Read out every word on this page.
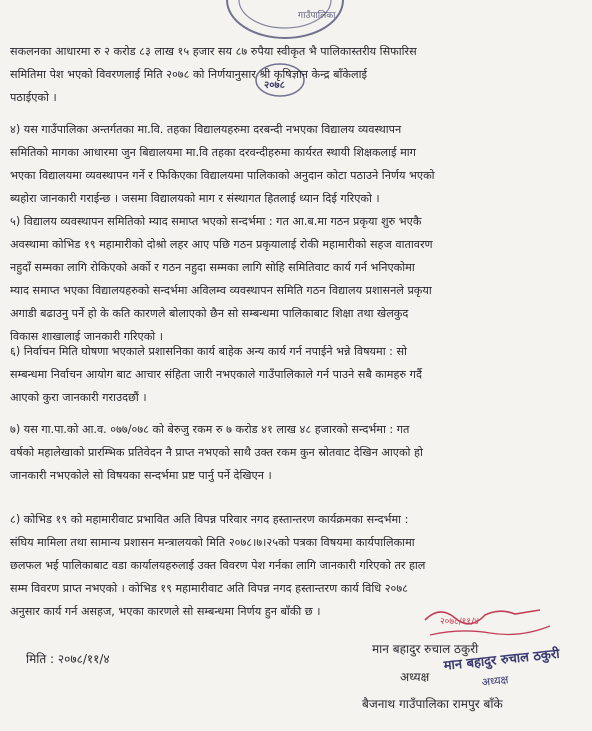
गाउँपालिका
२०७८
सकलनका आधारमा रु २ करोड ८३ लाख १५ हजार सय ८७ रुपैया स्वीकृत भै पालिकास्तरीय सिफारिस
समितिमा पेश भएको विवरणलाई मिति २०७८ को निर्णयानुसार श्री कृषिज्ञान केन्द्र बाँकेलाई
पठाईएको ।
४) यस गाउँपालिका अन्तर्गतका मा.वि. तहका विद्यालयहरुमा दरबन्दी नभएका विद्यालय व्यवस्थापन
समितिको मागका आधारमा जुन बिद्यालयमा मा.वि तहका दरवन्दीहरुमा कार्यरत स्थायी शिक्षकलाई माग
भएका विद्यालयमा व्यवस्थापन गर्ने र फिकिएका विद्यालयमा पालिकाको अनुदान कोटा पठाउने निर्णय भएको
ब्यहोरा जानकारी गराईन्छ । जसमा विद्यालयको माग र संस्थागत हितलाई ध्यान दिई गरिएको ।
५) विद्यालय व्यवस्थापन समितिको म्याद समाप्त भएको सन्दर्भमा : गत आ.ब.मा गठन प्रकृया शुरु भएकै
अवस्थामा कोभिड १९ महामारीको दोश्रो लहर आए पछि गठन प्रकृयालाई रोकी महामारीको सहज वातावरण
नहुदाँ सम्मका लागि रोकिएको अर्को र गठन नहुदा सम्मका लागि सोहि समितिवाट कार्य गर्न भनिएकोमा
म्याद समाप्त भएका विद्यालयहरुको सन्दर्भमा अविलम्व व्यवस्थापन समिति गठन विद्यालय प्रशासनले प्रकृया
अगाडी बढाउनु पर्ने हो के कति कारणले बोलाएको छैन सो सम्बन्धमा पालिकाबाट शिक्षा तथा खेलकुद
विकास शाखालाई जानकारी गरिएको ।
६) निर्वाचन मिति घोषणा भएकाले प्रशासनिका कार्य बाहेक अन्य कार्य गर्न नपाईने भन्ने विषयमा : सो
सम्बन्धमा निर्वाचन आयोग बाट आचार संहिता जारी नभएकाले गाउँपालिकाले गर्न पाउने सबै कामहरु गर्दै
आएको कुरा जानकारी गराउदछौं ।
७) यस गा.पा.को आ.व. ०७७/०७८ को बेरुजु रकम रु ७ करोड ४१ लाख ४८ हजारको सन्दर्भमा : गत
वर्षको महालेखाको प्रारम्भिक प्रतिवेदन नै प्राप्त नभएको साथै उक्त रकम कुन स्रोतवाट देखिन आएको हो
जानकारी नभएकोले सो विषयका सन्दर्भमा प्रष्ट पार्नु पर्ने देखिएन ।
८) कोभिड १९ को महामारीवाट प्रभावित अति विपन्न परिवार नगद हस्तान्तरण कार्यक्रमका सन्दर्भमा :
संघिय मामिला तथा सामान्य प्रशासन मन्त्रालयको मिति २०७८।७।२५को पत्रका विषयमा कार्यपालिकामा
छलफल भई पालिकाबाट वडा कार्यालयहरुलाई उक्त विवरण पेश गर्नका लागि जानकारी गरिएको तर हाल
सम्म विवरण प्राप्त नभएको । कोभिड १९ महामारीवाट अति विपन्न नगद हस्तान्तरण कार्य विधि २०७८
अनुसार कार्य गर्न असहज, भएका कारणले सो सम्बन्धमा निर्णय हुन बाँकी छ ।
२०७८/११/४
मान बहादुर रुचाल ठकुरी
अध्यक्ष
मिति : २०७८/११/४
मान बहादुर रुचाल ठकुरी
अध्यक्ष
बैजनाथ गाउँपालिका रामपुर बाँके
